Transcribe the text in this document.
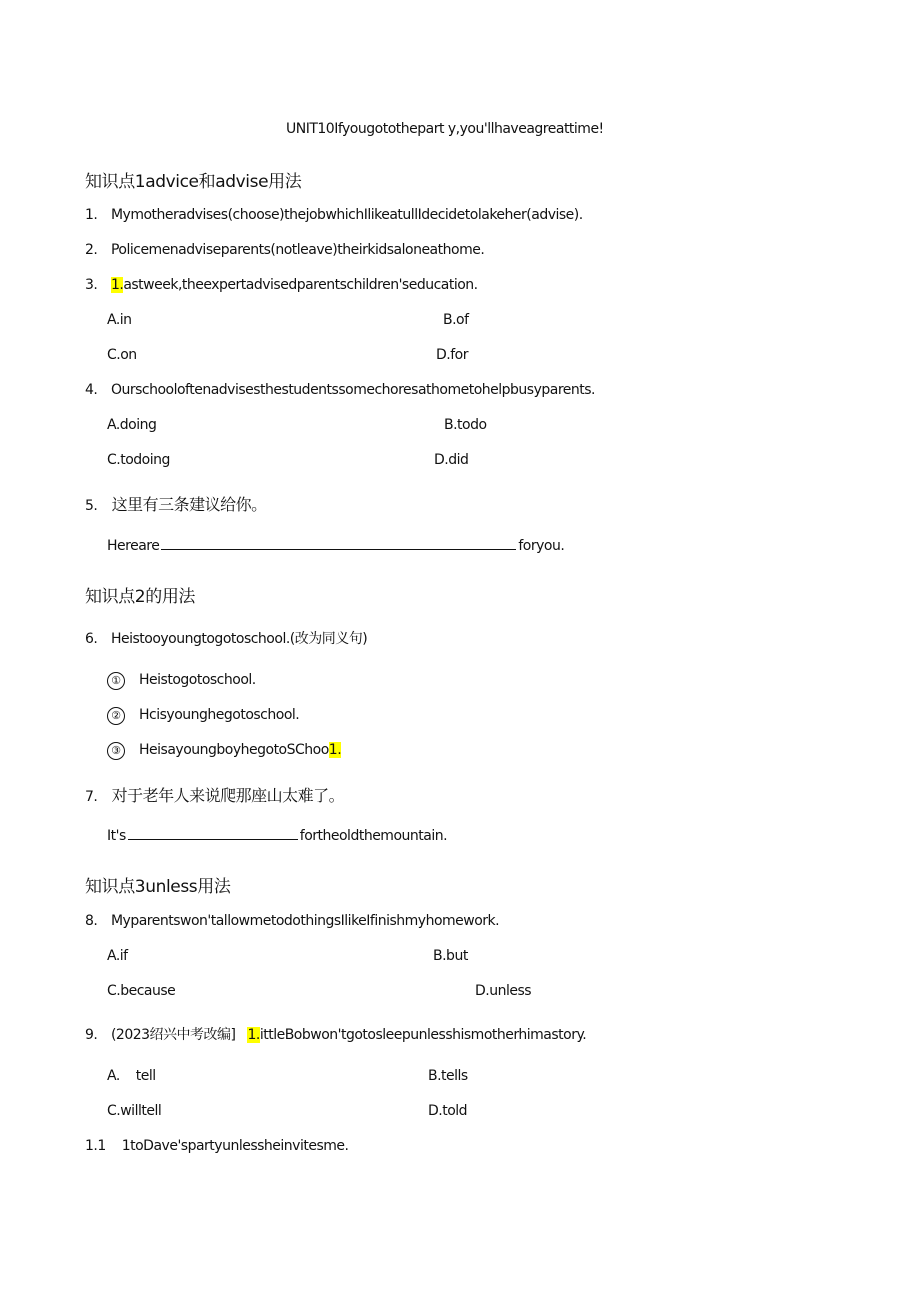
UNIT10Ifyougotothepart y,you'llhaveagreattime!
知识点1advice和advise用法
1. Mymotheradvises(choose)thejobwhichIlikeatullIdecidetolakeher(advise).
2. Policemenadviseparents(notleave)theirkidsaloneathome.
3. 1.astweek,theexpertadvisedparentschildren'seducation.
A.in	B.of
C.on	D.for
4. Ourschooloftenadvisesthestudentssomechoresathometohelpbusyparents.
A.doing	B.todo
C.todoing	D.did
5. 这里有三条建议给你。
Hereare	foryou.
知识点2的用法
6. Heistooyoungtogotoschool.(改为同义句)
① Heistogotoschool.
② Hcisyounghegotoschool.
③ HeisayoungboyhegotoSChoo1.
7. 对于老年人来说爬那座山太难了。
It's	fortheoldthemountain.
知识点3unless用法
8. Myparentswon'tallowmetodothingsIlikeIfinishmyhomework.
A.if	B.but
C.because	D.unless
9. (2023绍兴中考改编] 1.ittleBobwon'tgotosleepunlesshismotherhimastory.
A. tell	B.tells
C.willtell	D.told
1.1 1toDave'spartyunlessheinvitesme.
